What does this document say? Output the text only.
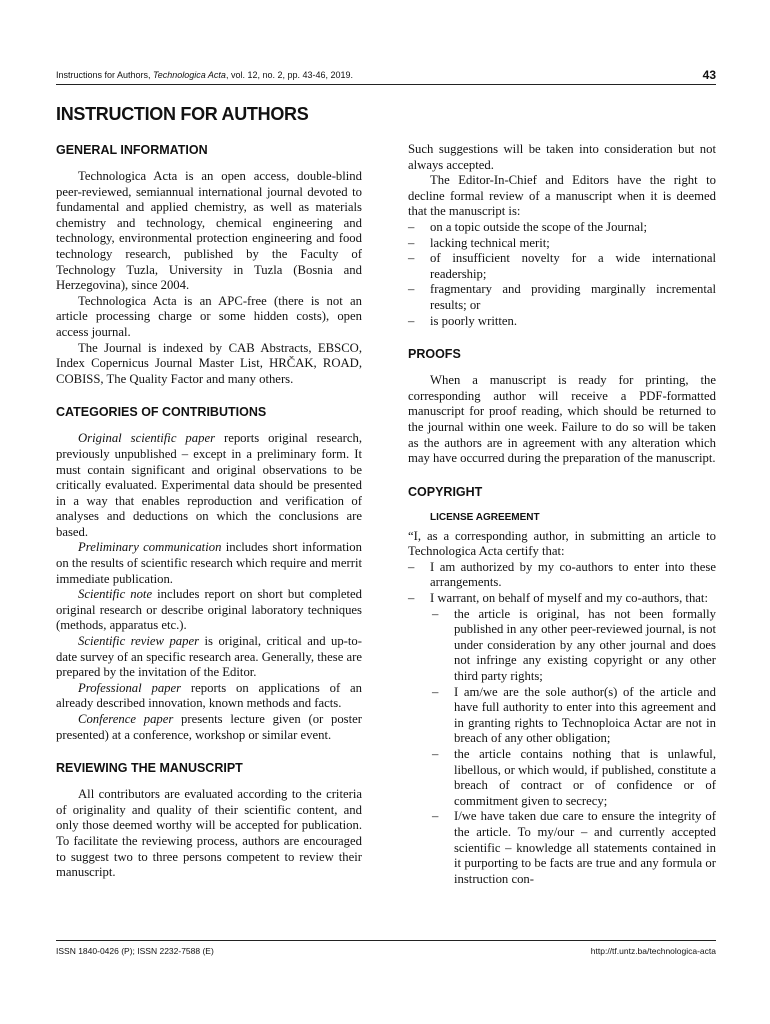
Instructions for Authors, Technologica Acta, vol. 12, no. 2, pp. 43-46, 2019.	43
INSTRUCTION FOR AUTHORS
GENERAL INFORMATION

Technologica Acta is an open access, double-blind peer-reviewed, semiannual international journal devoted to fundamental and applied chemistry, as well as materials chemistry and technology, chemical engineering and technology, environmental protection engineering and food technology research, published by the Faculty of Technology Tuzla, University in Tuzla (Bosnia and Herzegovina), since 2004.

Technologica Acta is an APC-free (there is not an article processing charge or some hidden costs), open access journal.

The Journal is indexed by CAB Abstracts, EBSCO, Index Copernicus Journal Master List, HRČAK, ROAD, COBISS, The Quality Factor and many others.

CATEGORIES OF CONTRIBUTIONS

Original scientific paper reports original research, previously unpublished – except in a preliminary form. It must contain significant and original observations to be critically evaluated. Experimental data should be presented in a way that enables reproduction and verification of analyses and deductions on which the conclusions are based.

Preliminary communication includes short information on the results of scientific research which require and merrit immediate publication.

Scientific note includes report on short but completed original research or describe original laboratory techniques (methods, apparatus etc.).

Scientific review paper is original, critical and up-to-date survey of an specific research area. Generally, these are prepared by the invitation of the Editor.

Professional paper reports on applications of an already described innovation, known methods and facts.

Conference paper presents lecture given (or poster presented) at a conference, workshop or similar event.

REVIEWING THE MANUSCRIPT

All contributors are evaluated according to the criteria of originality and quality of their scientific content, and only those deemed worthy will be accepted for publication. To facilitate the reviewing process, authors are encouraged to suggest two to three persons competent to review their manuscript.

Such suggestions will be taken into consideration but not always accepted.

The Editor-In-Chief and Editors have the right to decline formal review of a manuscript when it is deemed that the manuscript is:

– on a topic outside the scope of the Journal;
– lacking technical merit;
– of insufficient novelty for a wide international readership;
– fragmentary and providing marginally incremental results; or
– is poorly written.
PROOFS

When a manuscript is ready for printing, the corresponding author will receive a PDF-formatted manuscript for proof reading, which should be returned to the journal within one week. Failure to do so will be taken as the authors are in agreement with any alteration which may have occurred during the preparation of the manuscript.

COPYRIGHT
LICENSE AGREEMENT

“I, as a corresponding author, in submitting an article to Technologica Acta certify that:

– I am authorized by my co-authors to enter into these arrangements.
– I warrant, on behalf of myself and my co-authors, that:
– the article is original, has not been formally published in any other peer-reviewed journal, is not under consideration by any other journal and does not infringe any existing copyright or any other third party rights;
– I am/we are the sole author(s) of the article and have full authority to enter into this agreement and in granting rights to Technoploica Actar are not in breach of any other obligation;
– the article contains nothing that is unlawful, libellous, or which would, if published, constitute a breach of contract or of confidence or of commitment given to secrecy;
– I/we have taken due care to ensure the integrity of the article. To my/our – and currently accepted scientific – knowledge all statements contained in it purporting to be facts are true and any formula or instruction con-
ISSN 1840-0426 (P); ISSN 2232-7588 (E)	http://tf.untz.ba/technologica-acta
